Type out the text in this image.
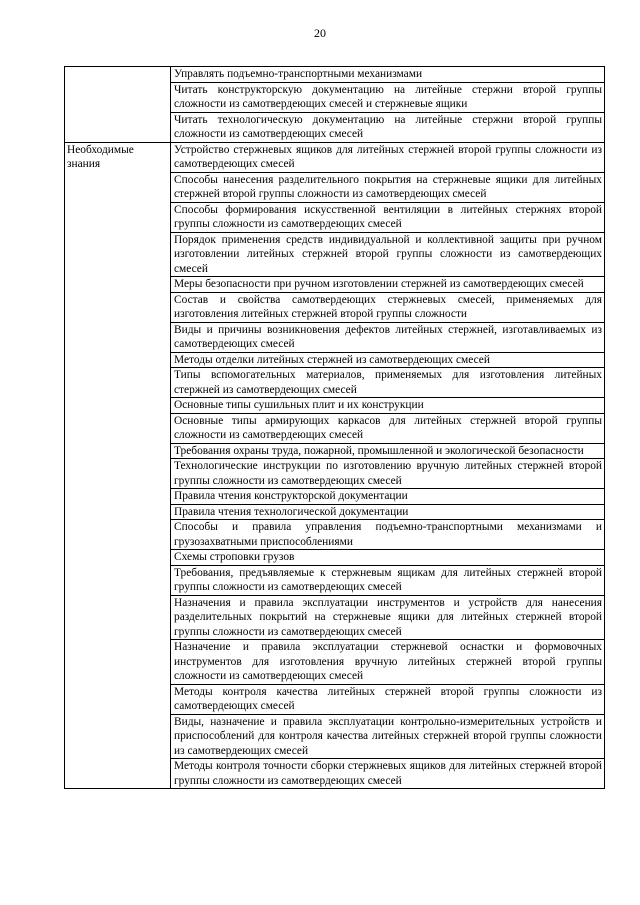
20
	Управлять подъемно-транспортными механизмами
	Читать конструкторскую документацию на литейные стержни второй группы сложности из самотвердеющих смесей и стержневые ящики
	Читать технологическую документацию на литейные стержни второй группы сложности из самотвердеющих смесей
Необходимые знания	Устройство стержневых ящиков для литейных стержней второй группы сложности из самотвердеющих смесей
	Способы нанесения разделительного покрытия на стержневые ящики для литейных стержней второй группы сложности из самотвердеющих смесей
	Способы формирования искусственной вентиляции в литейных стержнях второй группы сложности из самотвердеющих смесей
	Порядок применения средств индивидуальной и коллективной защиты при ручном изготовлении литейных стержней второй группы сложности из самотвердеющих смесей
	Меры безопасности при ручном изготовлении стержней из самотвердеющих смесей
	Состав и свойства самотвердеющих стержневых смесей, применяемых для изготовления литейных стержней второй группы сложности
	Виды и причины возникновения дефектов литейных стержней, изготавливаемых из самотвердеющих смесей
	Методы отделки литейных стержней из самотвердеющих смесей
	Типы вспомогательных материалов, применяемых для изготовления литейных стержней из самотвердеющих смесей
	Основные типы сушильных плит и их конструкции
	Основные типы армирующих каркасов для литейных стержней второй группы сложности из самотвердеющих смесей
	Требования охраны труда, пожарной, промышленной и экологической безопасности
	Технологические инструкции по изготовлению вручную литейных стержней второй группы сложности из самотвердеющих смесей
	Правила чтения конструкторской документации
	Правила чтения технологической документации
	Способы и правила управления подъемно-транспортными механизмами и грузозахватными приспособлениями
	Схемы строповки грузов
	Требования, предъявляемые к стержневым ящикам для литейных стержней второй группы сложности из самотвердеющих смесей
	Назначения и правила эксплуатации инструментов и устройств для нанесения разделительных покрытий на стержневые ящики для литейных стержней второй группы сложности из самотвердеющих смесей
	Назначение и правила эксплуатации стержневой оснастки и формовочных инструментов для изготовления вручную литейных стержней второй группы сложности из самотвердеющих смесей
	Методы контроля качества литейных стержней второй группы сложности из самотвердеющих смесей
	Виды, назначение и правила эксплуатации контрольно-измерительных устройств и приспособлений для контроля качества литейных стержней второй группы сложности из самотвердеющих смесей
	Методы контроля точности сборки стержневых ящиков для литейных стержней второй группы сложности из самотвердеющих смесей
